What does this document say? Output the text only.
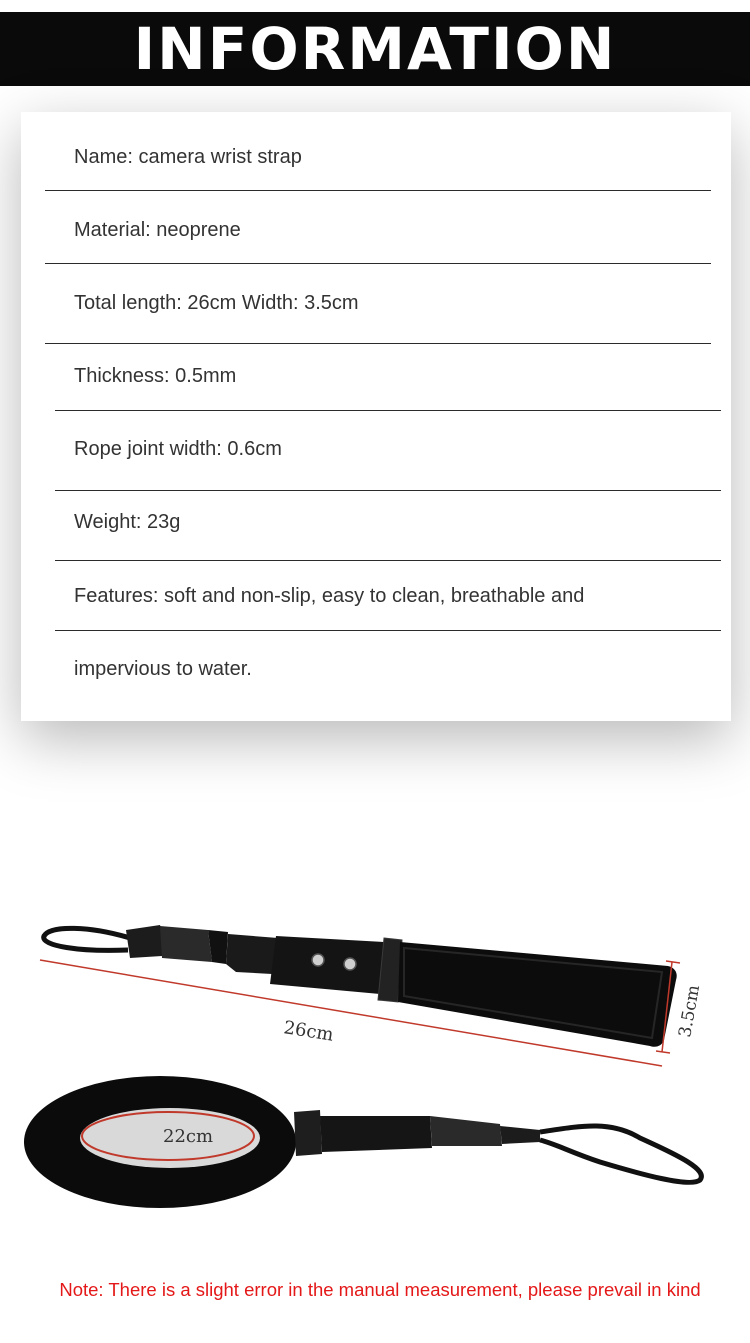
INFORMATION
Name: camera wrist strap
Material: neoprene
Total length: 26cm Width: 3.5cm
Thickness: 0.5mm
Rope joint width: 0.6cm
Weight: 23g
Features: soft and non-slip, easy to clean, breathable and
impervious to water.
26cm	3.5cm
22cm
Note: There is a slight error in the manual measurement, please prevail in kind
